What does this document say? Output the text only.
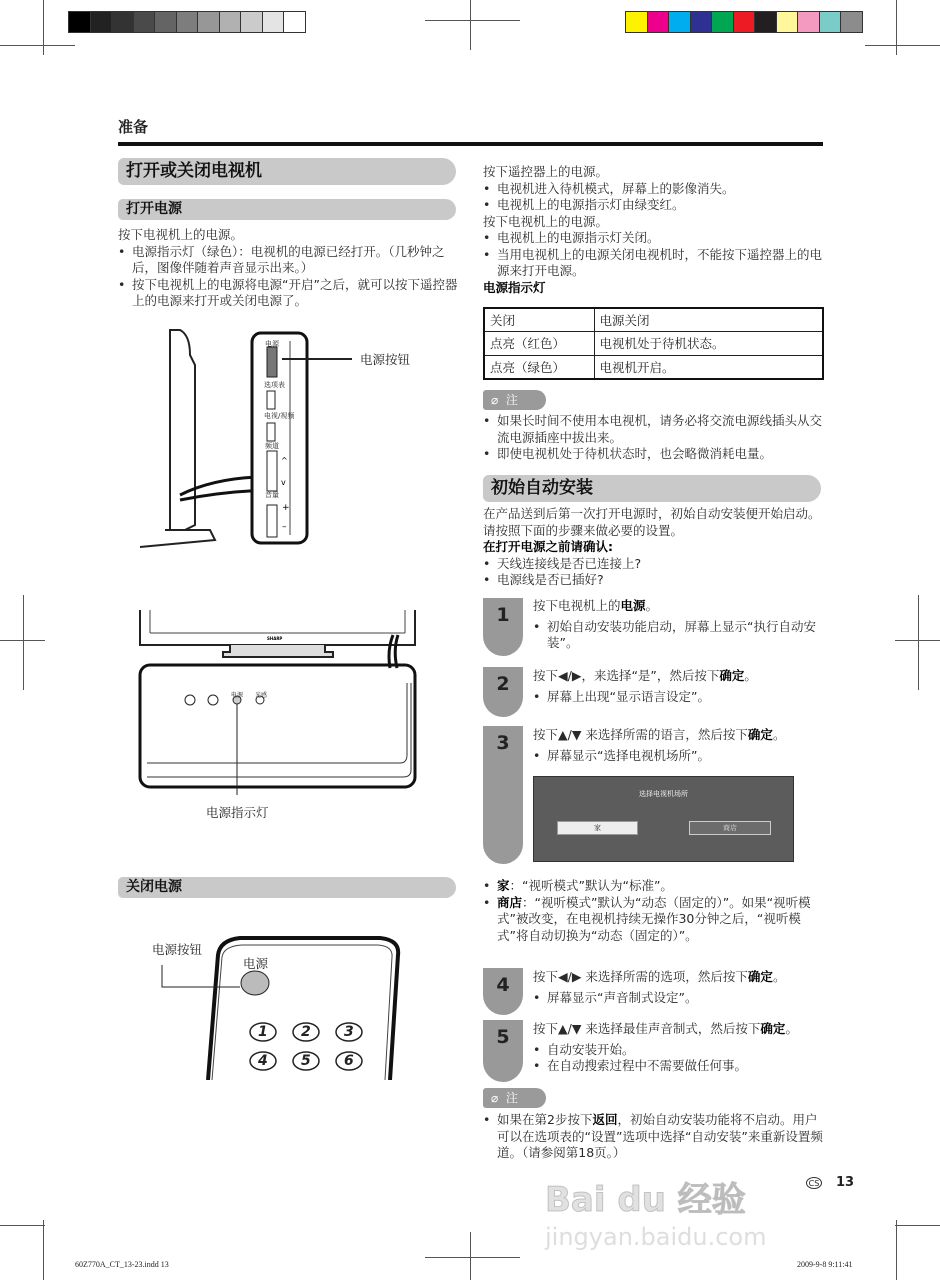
准备
打开或关闭电视机
打开电源
按下电视机上的电源。
• 电源指示灯（绿色）：电视机的电源已经打开。（几秒钟之后，图像伴随着声音显示出来。）
• 按下电视机上的电源将电源“开启”之后，就可以按下遥控器上的电源来打开或关闭电源了。
^
v
+
–
电源
选项表
电视/视频
频道
音量
电源按钮
SHARP
电源 光感
电源指示灯
关闭电源
电源按钮
电源
1 2 3
4 5 6
按下遥控器上的电源。
• 电视机进入待机模式，屏幕上的影像消失。
• 电视机上的电源指示灯由绿变红。
按下电视机上的电源。
• 电视机上的电源指示灯关闭。
• 当用电视机上的电源关闭电视机时，不能按下遥控器上的电源来打开电源。
电源指示灯
关闭	电源关闭
点亮（红色）	电视机处于待机状态。
点亮（绿色）	电视机开启。
⌀ 注
• 如果长时间不使用本电视机，请务必将交流电源线插头从交流电源插座中拔出来。
• 即使电视机处于待机状态时，也会略微消耗电量。
初始自动安装
在产品送到后第一次打开电源时，初始自动安装便开始启动。请按照下面的步骤来做必要的设置。
在打开电源之前请确认:
• 天线连接线是否已连接上?
• 电源线是否已插好?
1	按下电视机上的电源。
• 初始自动安装功能启动，屏幕上显示“执行自动安装”。
2	按下◀/▶，来选择“是”，然后按下确定。
• 屏幕上出现“显示语言设定”。
3	按下▲/▼ 来选择所需的语言，然后按下确定。
• 屏幕显示“选择电视机场所”。
选择电视机场所
家	商店
• 家：“视听模式”默认为“标准”。
• 商店：“视听模式”默认为“动态（固定的）”。如果“视听模式”被改变，在电视机持续无操作30分钟之后，“视听模式”将自动切换为“动态（固定的）”。
4	按下◀/▶ 来选择所需的选项，然后按下确定。
• 屏幕显示“声音制式设定”。
5	按下▲/▼ 来选择最佳声音制式，然后按下确定。
• 自动安装开始。
• 在自动搜索过程中不需要做任何事。
⌀ 注
• 如果在第2步按下返回，初始自动安装功能将不启动。用户可以在选项表的“设置”选项中选择“自动安装”来重新设置频道。（请参阅第18页。）
CS 13
Bai du 经验
jingyan.baidu.com
60Z770A_CT_13-23.indd 13	2009-9-8 9:11:41
